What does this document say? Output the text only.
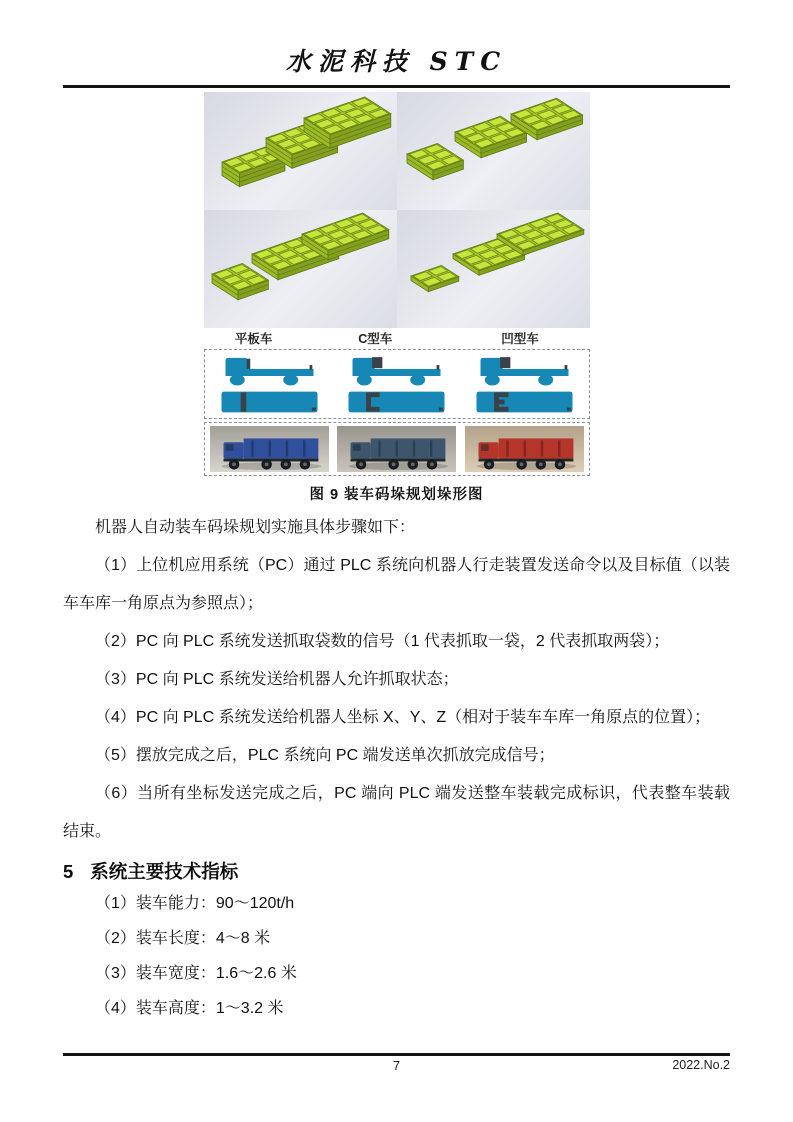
水泥科技 STC
平板车	C型车	凹型车
图 9 装车码垛规划垛形图

机器人自动装车码垛规划实施具体步骤如下：

（1）上位机应用系统（PC）通过 PLC 系统向机器人行走装置发送命令以及目标值（以装车车库一角原点为参照点）；

（2）PC 向 PLC 系统发送抓取袋数的信号（1 代表抓取一袋，2 代表抓取两袋）；

（3）PC 向 PLC 系统发送给机器人允许抓取状态；

（4）PC 向 PLC 系统发送给机器人坐标 X、Y、Z（相对于装车车库一角原点的位置）；

（5）摆放完成之后，PLC 系统向 PC 端发送单次抓放完成信号；

（6）当所有坐标发送完成之后，PC 端向 PLC 端发送整车装载完成标识，代表整车装载结束。

5 系统主要技术指标

（1）装车能力：90～120t/h

（2）装车长度：4～8 米

（3）装车宽度：1.6～2.6 米

（4）装车高度：1～3.2 米

7	2022.No.2
